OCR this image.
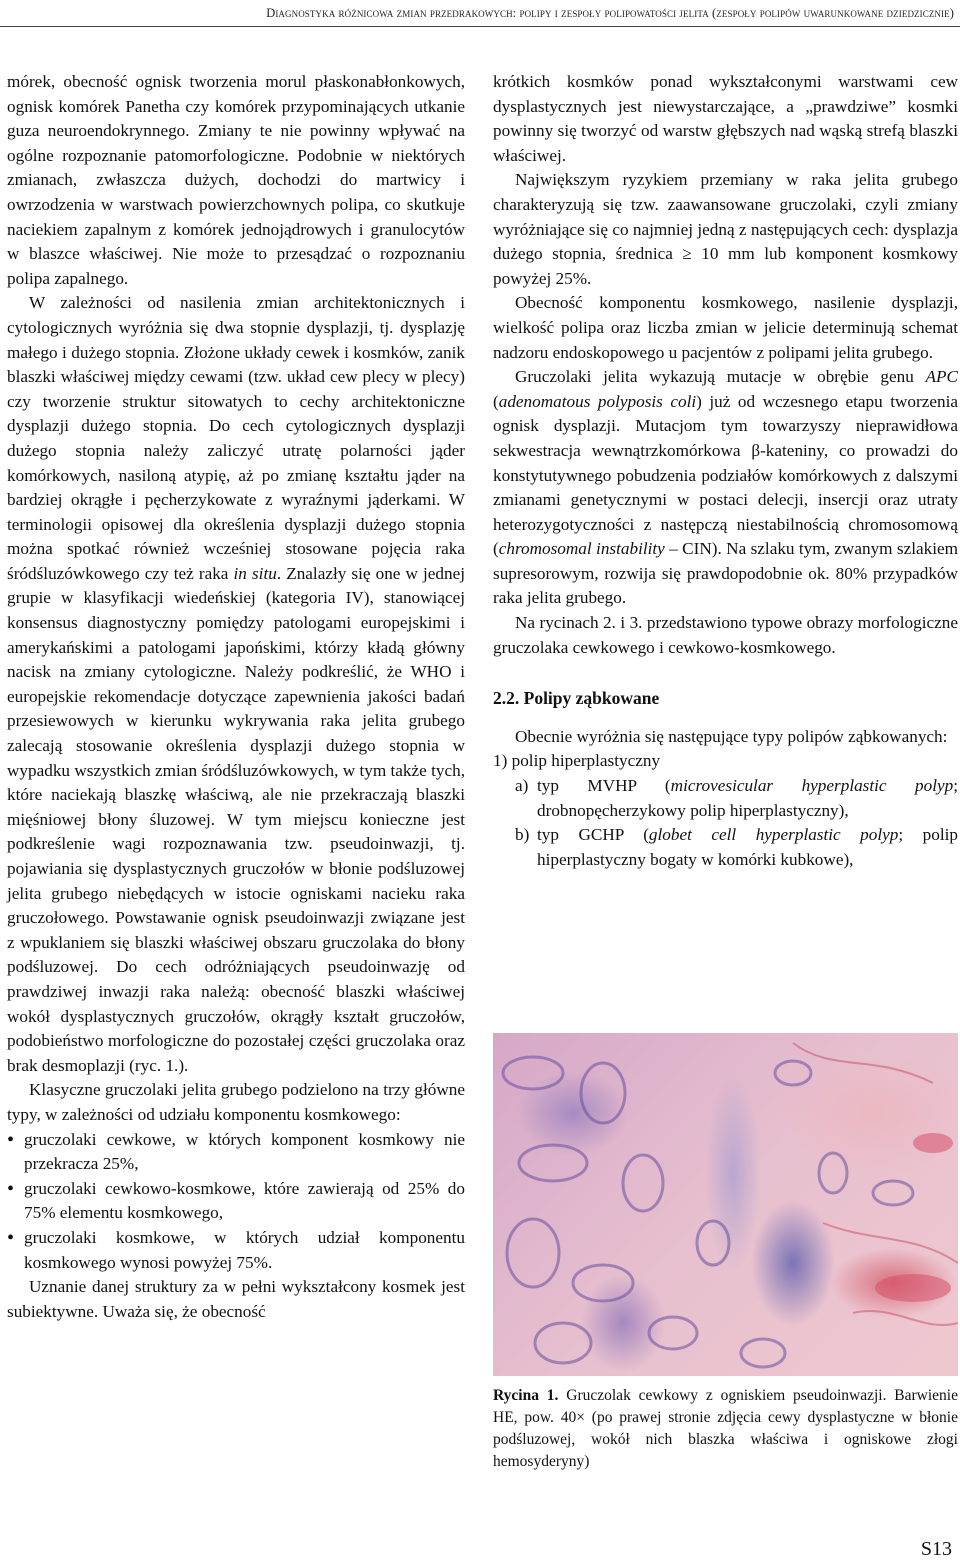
Diagnostyka różnicowa zmian przedrakowych: polipy i zespoły polipowatości jelita (zespoły polipów uwarunkowane dziedzicznie)

mórek, obecność ognisk tworzenia morul płaskonabłonkowych, ognisk komórek Panetha czy komórek przypominających utkanie guza neuroendokrynnego. Zmiany te nie powinny wpływać na ogólne rozpoznanie patomorfologiczne. Podobnie w niektórych zmianach, zwłaszcza dużych, dochodzi do martwicy i owrzodzenia w warstwach powierzchownych polipa, co skutkuje naciekiem zapalnym z komórek jednojądrowych i granulocytów w blaszce właściwej. Nie może to przesądzać o rozpoznaniu polipa zapalnego.

W zależności od nasilenia zmian architektonicznych i cytologicznych wyróżnia się dwa stopnie dysplazji, tj. dysplazję małego i dużego stopnia. Złożone układy cewek i kosmków, zanik blaszki właściwej między cewami (tzw. układ cew plecy w plecy) czy tworzenie struktur sitowatych to cechy architektoniczne dysplazji dużego stopnia. Do cech cytologicznych dysplazji dużego stopnia należy zaliczyć utratę polarności jąder komórkowych, nasiloną atypię, aż po zmianę kształtu jąder na bardziej okrągłe i pęcherzykowate z wyraźnymi jąderkami. W terminologii opisowej dla określenia dysplazji dużego stopnia można spotkać również wcześniej stosowane pojęcia raka śródśluzówkowego czy też raka in situ. Znalazły się one w jednej grupie w klasyfikacji wiedeńskiej (kategoria IV), stanowiącej konsensus diagnostyczny pomiędzy patologami europejskimi i amerykańskimi a patologami japońskimi, którzy kładą główny nacisk na zmiany cytologiczne. Należy podkreślić, że WHO i europejskie rekomendacje dotyczące zapewnienia jakości badań przesiewowych w kierunku wykrywania raka jelita grubego zalecają stosowanie określenia dysplazji dużego stopnia w wypadku wszystkich zmian śródśluzówkowych, w tym także tych, które naciekają blaszkę właściwą, ale nie przekraczają blaszki mięśniowej błony śluzowej. W tym miejscu konieczne jest podkreślenie wagi rozpoznawania tzw. pseudoinwazji, tj. pojawiania się dysplastycznych gruczołów w błonie podśluzowej jelita grubego niebędących w istocie ogniskami nacieku raka gruczołowego. Powstawanie ognisk pseudoinwazji związane jest z wpuklaniem się blaszki właściwej obszaru gruczolaka do błony podśluzowej. Do cech odróżniających pseudoinwazję od prawdziwej inwazji raka należą: obecność blaszki właściwej wokół dysplastycznych gruczołów, okrągły kształt gruczołów, podobieństwo morfologiczne do pozostałej części gruczolaka oraz brak desmoplazji (ryc. 1.).

Klasyczne gruczolaki jelita grubego podzielono na trzy główne typy, w zależności od udziału komponentu kosmkowego:

• gruczolaki cewkowe, w których komponent kosmkowy nie przekracza 25%,
• gruczolaki cewkowo-kosmkowe, które zawierają od 25% do 75% elementu kosmkowego,
• gruczolaki kosmkowe, w których udział komponentu kosmkowego wynosi powyżej 75%.

Uznanie danej struktury za w pełni wykształcony kosmek jest subiektywne. Uważa się, że obecność

krótkich kosmków ponad wykształconymi warstwami cew dysplastycznych jest niewystarczające, a „prawdziwe” kosmki powinny się tworzyć od warstw głębszych nad wąską strefą blaszki właściwej.

Największym ryzykiem przemiany w raka jelita grubego charakteryzują się tzw. zaawansowane gruczolaki, czyli zmiany wyróżniające się co najmniej jedną z następujących cech: dysplazja dużego stopnia, średnica ≥ 10 mm lub komponent kosmkowy powyżej 25%.

Obecność komponentu kosmkowego, nasilenie dysplazji, wielkość polipa oraz liczba zmian w jelicie determinują schemat nadzoru endoskopowego u pacjentów z polipami jelita grubego.

Gruczolaki jelita wykazują mutacje w obrębie genu APC (adenomatous polyposis coli) już od wczesnego etapu tworzenia ognisk dysplazji. Mutacjom tym towarzyszy nieprawidłowa sekwestracja wewnątrzkomórkowa β-kateniny, co prowadzi do konstytutywnego pobudzenia podziałów komórkowych z dalszymi zmianami genetycznymi w postaci delecji, insercji oraz utraty heterozygotyczności z następczą niestabilnością chromosomową (chromosomal instability – CIN). Na szlaku tym, zwanym szlakiem supresorowym, rozwija się prawdopodobnie ok. 80% przypadków raka jelita grubego.

Na rycinach 2. i 3. przedstawiono typowe obrazy morfologiczne gruczolaka cewkowego i cewkowo-kosmkowego.

2.2. Polipy ząbkowane

Obecnie wyróżnia się następujące typy polipów ząbkowanych:

1) polip hiperplastyczny

a) typ MVHP (microvesicular hyperplastic polyp; drobnopęcherzykowy polip hiperplastyczny),
b) typ GCHP (globet cell hyperplastic polyp; polip hiperplastyczny bogaty w komórki kubkowe),
Rycina 1. Gruczolak cewkowy z ogniskiem pseudoinwazji. Barwienie HE, pow. 40× (po prawej stronie zdjęcia cewy dysplastyczne w błonie podśluzowej, wokół nich blaszka właściwa i ogniskowe złogi hemosyderyny)
S13
